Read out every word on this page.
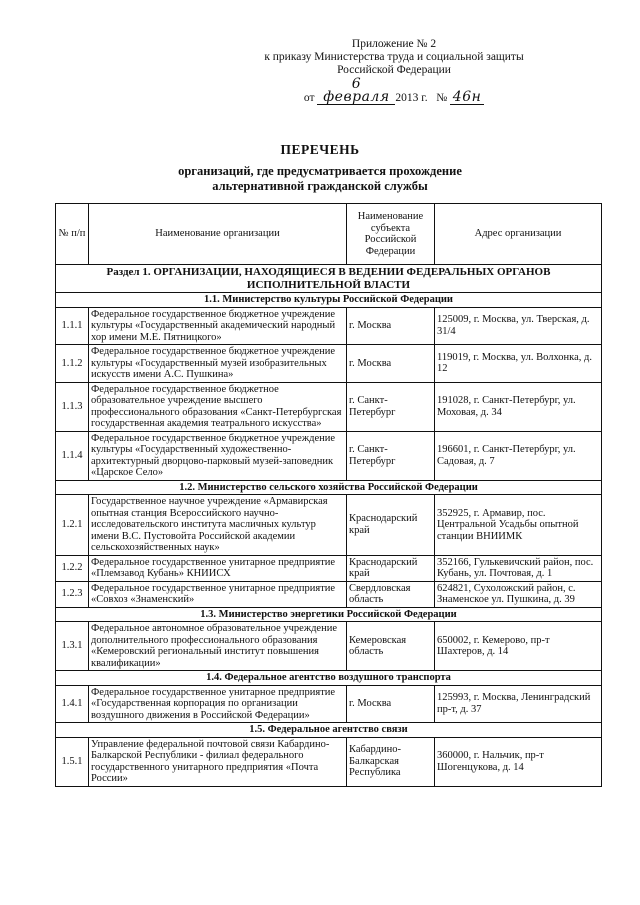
Приложение № 2
к приказу Министерства труда и социальной защиты
Российской Федерации
от 6 февраля 2013 г. № 46н
ПЕРЕЧЕНЬ
организаций, где предусматривается прохождение
альтернативной гражданской службы
№ п/п	Наименование организации	Наименование субъекта Российской Федерации	Адрес организации
Раздел 1. ОРГАНИЗАЦИИ, НАХОДЯЩИЕСЯ В ВЕДЕНИИ ФЕДЕРАЛЬНЫХ ОРГАНОВ ИСПОЛНИТЕЛЬНОЙ ВЛАСТИ			
1.1. Министерство культуры Российской Федерации			
1.1.1	Федеральное государственное бюджетное учреждение культуры «Государственный академический народный хор имени М.Е. Пятницкого»	г. Москва	125009, г. Москва, ул. Тверская, д. 31/4
1.1.2	Федеральное государственное бюджетное учреждение культуры «Государственный музей изобразительных искусств имени А.С. Пушкина»	г. Москва	119019, г. Москва, ул. Волхонка, д. 12
1.1.3	Федеральное государственное бюджетное образовательное учреждение высшего профессионального образования «Санкт-Петербургская государственная академия театрального искусства»	г. Санкт-Петербург	191028, г. Санкт-Петербург, ул. Моховая, д. 34
1.1.4	Федеральное государственное бюджетное учреждение культуры «Государственный художественно-архитектурный дворцово-парковый музей-заповедник «Царское Село»	г. Санкт-Петербург	196601, г. Санкт-Петербург, ул. Садовая, д. 7
1.2. Министерство сельского хозяйства Российской Федерации			
1.2.1	Государственное научное учреждение «Армавирская опытная станция Всероссийского научно-исследовательского института масличных культур имени В.С. Пустовойта Российской академии сельскохозяйственных наук»	Краснодарский край	352925, г. Армавир, пос. Центральной Усадьбы опытной станции ВНИИМК
1.2.2	Федеральное государственное унитарное предприятие «Племзавод Кубань» КНИИСХ	Краснодарский край	352166, Гулькевичский район, пос. Кубань, ул. Почтовая, д. 1
1.2.3	Федеральное государственное унитарное предприятие «Совхоз «Знаменский»	Свердловская область	624821, Сухоложский район, с. Знаменское ул. Пушкина, д. 39
1.3. Министерство энергетики Российской Федерации			
1.3.1	Федеральное автономное образовательное учреждение дополнительного профессионального образования «Кемеровский региональный институт повышения квалификации»	Кемеровская область	650002, г. Кемерово, пр-т Шахтеров, д. 14
1.4. Федеральное агентство воздушного транспорта			
1.4.1	Федеральное государственное унитарное предприятие «Государственная корпорация по организации воздушного движения в Российской Федерации»	г. Москва	125993, г. Москва, Ленинградский пр-т, д. 37
1.5. Федеральное агентство связи			
1.5.1	Управление федеральной почтовой связи Кабардино-Балкарской Республики - филиал федерального государственного унитарного предприятия «Почта России»	Кабардино-Балкарская Республика	360000, г. Нальчик, пр-т Шогенцукова, д. 14
